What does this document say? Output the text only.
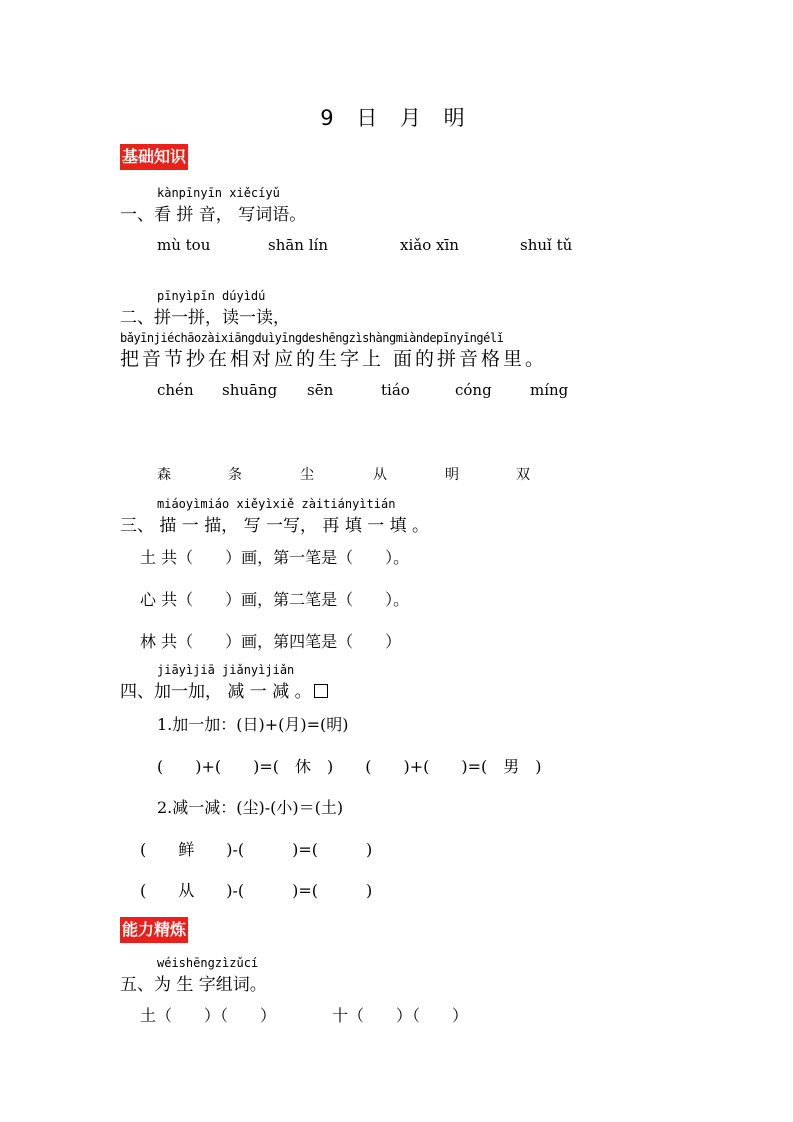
9 日 月 明
基础知识
kànpīnyīn xiěcíyǔ
一、看 拼 音， 写词语。
mù tou	shān lín	xiǎo xīn	shuǐ tǔ
pīnyìpīn dúyìdú
二、拼一拼，读一读，
bǎyīnjiéchāozàixiāngduìyīngdeshēngzìshàngmiàndepīnyīngélǐ
把音节抄在相对应的生字上 面的拼音格里。
chén shuāng sēn	tiáo	cóng	míng
森	条	尘	从	明	双
miáoyìmiáo xiěyìxiě zàitiányìtián
三、 描 一 描， 写 一写， 再 填 一 填 。
土 共（　　）画，第一笔是（　　）。
心 共（　　）画，第二笔是（　　）。
林 共（　　）画，第四笔是（　　）
jiāyìjiā jiǎnyìjiǎn
四、加一加， 减 一 减 。
1.加一加：(日)+(月)=(明)
(　　)+(　　)=(　休　)　　(　　)+(　　)=(　男　)
2.减一减：(尘)-(小)＝(土)
(　　鲜　　)-(　　　)=(　　　)
(　　从　　)-(　　　)=(　　　)
能力精炼
wéishēngzìzǔcí
五、为 生 字组词。
土（　　）（　　）　　　　十（　　）（　　）
